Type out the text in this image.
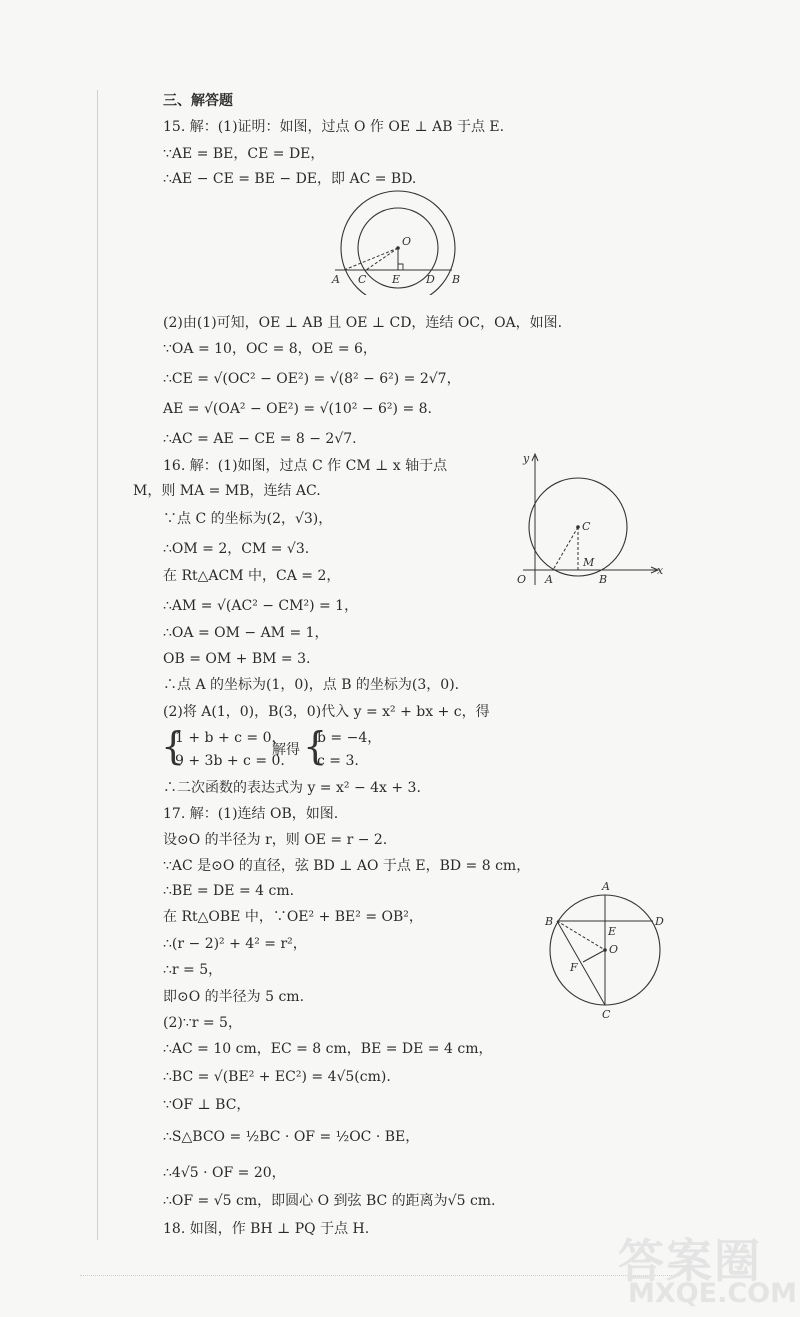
三、解答题
15. 解：(1)证明：如图，过点 O 作 OE ⊥ AB 于点 E.
∵AE = BE，CE = DE，
∴AE − CE = BE − DE，即 AC = BD.
O
A C E D B
(2)由(1)可知，OE ⊥ AB 且 OE ⊥ CD，连结 OC，OA，如图.
∵OA = 10，OC = 8，OE = 6，
∴CE = √(OC² − OE²) = √(8² − 6²) = 2√7，
AE = √(OA² − OE²) = √(10² − 6²) = 8.
∴AC = AE − CE = 8 − 2√7.
16. 解：(1)如图，过点 C 作 CM ⊥ x 轴于点
M，则 MA = MB，连结 AC.
y
x
O A	B
C
M
∵点 C 的坐标为(2，√3)，
∴OM = 2，CM = √3.
在 Rt△ACM 中，CA = 2，
∴AM = √(AC² − CM²) = 1，
∴OA = OM − AM = 1，
OB = OM + BM = 3.
∴点 A 的坐标为(1，0)，点 B 的坐标为(3，0).
(2)将 A(1，0)，B(3，0)代入 y = x² + bx + c，得
{
1 + b + c = 0，
9 + 3b + c = 0.
解得 {
b = −4，
c = 3.
∴二次函数的表达式为 y = x² − 4x + 3.
17. 解：(1)连结 OB，如图.
设⊙O 的半径为 r，则 OE = r − 2.
∵AC 是⊙O 的直径，弦 BD ⊥ AO 于点 E，BD = 8 cm，
∴BE = DE = 4 cm.
在 Rt△OBE 中，∵OE² + BE² = OB²，
∴(r − 2)² + 4² = r²，
∴r = 5，
即⊙O 的半径为 5 cm.
A
B	D
E
O
F
C
(2)∵r = 5，
∴AC = 10 cm，EC = 8 cm，BE = DE = 4 cm，
∴BC = √(BE² + EC²) = 4√5(cm).
∵OF ⊥ BC，
∴S△BCO = ½BC · OF = ½OC · BE，
∴4√5 · OF = 20，
∴OF = √5 cm，即圆心 O 到弦 BC 的距离为√5 cm.
18. 如图，作 BH ⊥ PQ 于点 H.
答案圈
MXQE.COM
